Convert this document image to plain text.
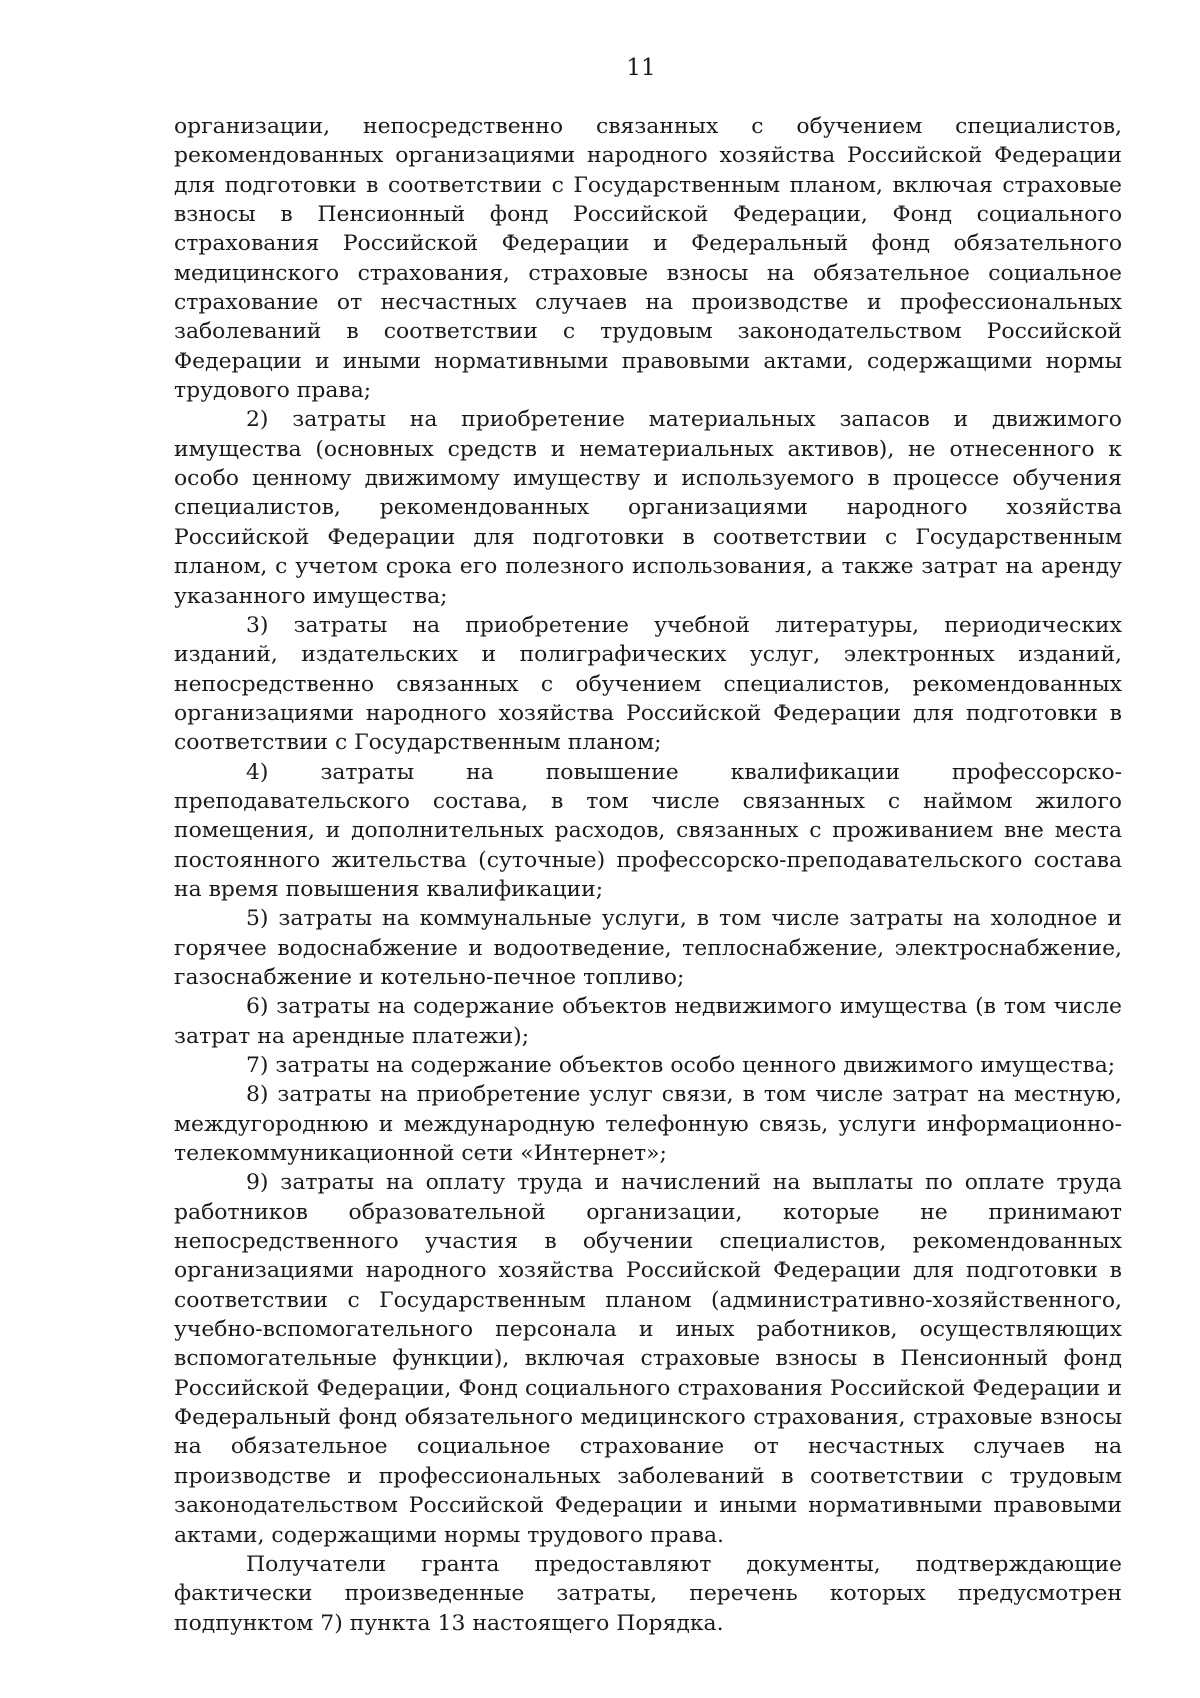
11

организации, непосредственно связанных с обучением специалистов, рекомендованных организациями народного хозяйства Российской Федерации для подготовки в соответствии с Государственным планом, включая страховые взносы в Пенсионный фонд Российской Федерации, Фонд социального страхования Российской Федерации и Федеральный фонд обязательного медицинского страхования, страховые взносы на обязательное социальное страхование от несчастных случаев на производстве и профессиональных заболеваний в соответствии с трудовым законодательством Российской Федерации и иными нормативными правовыми актами, содержащими нормы трудового права;

2) затраты на приобретение материальных запасов и движимого имущества (основных средств и нематериальных активов), не отнесенного к особо ценному движимому имуществу и используемого в процессе обучения специалистов, рекомендованных организациями народного хозяйства Российской Федерации для подготовки в соответствии с Государственным планом, с учетом срока его полезного использования, а также затрат на аренду указанного имущества;

3) затраты на приобретение учебной литературы, периодических изданий, издательских и полиграфических услуг, электронных изданий, непосредственно связанных с обучением специалистов, рекомендованных организациями народного хозяйства Российской Федерации для подготовки в соответствии с Государственным планом;

4) затраты на повышение квалификации профессорско-преподавательского состава, в том числе связанных с наймом жилого помещения, и дополнительных расходов, связанных с проживанием вне места постоянного жительства (суточные) профессорско-преподавательского состава на время повышения квалификации;

5) затраты на коммунальные услуги, в том числе затраты на холодное и горячее водоснабжение и водоотведение, теплоснабжение, электроснабжение, газоснабжение и котельно-печное топливо;

6) затраты на содержание объектов недвижимого имущества (в том числе затрат на арендные платежи);

7) затраты на содержание объектов особо ценного движимого имущества;

8) затраты на приобретение услуг связи, в том числе затрат на местную, междугороднюю и международную телефонную связь, услуги информационно-телекоммуникационной сети «Интернет»;

9) затраты на оплату труда и начислений на выплаты по оплате труда работников образовательной организации, которые не принимают непосредственного участия в обучении специалистов, рекомендованных организациями народного хозяйства Российской Федерации для подготовки в соответствии с Государственным планом (административно-хозяйственного, учебно-вспомогательного персонала и иных работников, осуществляющих вспомогательные функции), включая страховые взносы в Пенсионный фонд Российской Федерации, Фонд социального страхования Российской Федерации и Федеральный фонд обязательного медицинского страхования, страховые взносы на обязательное социальное страхование от несчастных случаев на производстве и профессиональных заболеваний в соответствии с трудовым законодательством Российской Федерации и иными нормативными правовыми актами, содержащими нормы трудового права.

Получатели гранта предоставляют документы, подтверждающие фактически произведенные затраты, перечень которых предусмотрен подпунктом 7) пункта 13 настоящего Порядка.
